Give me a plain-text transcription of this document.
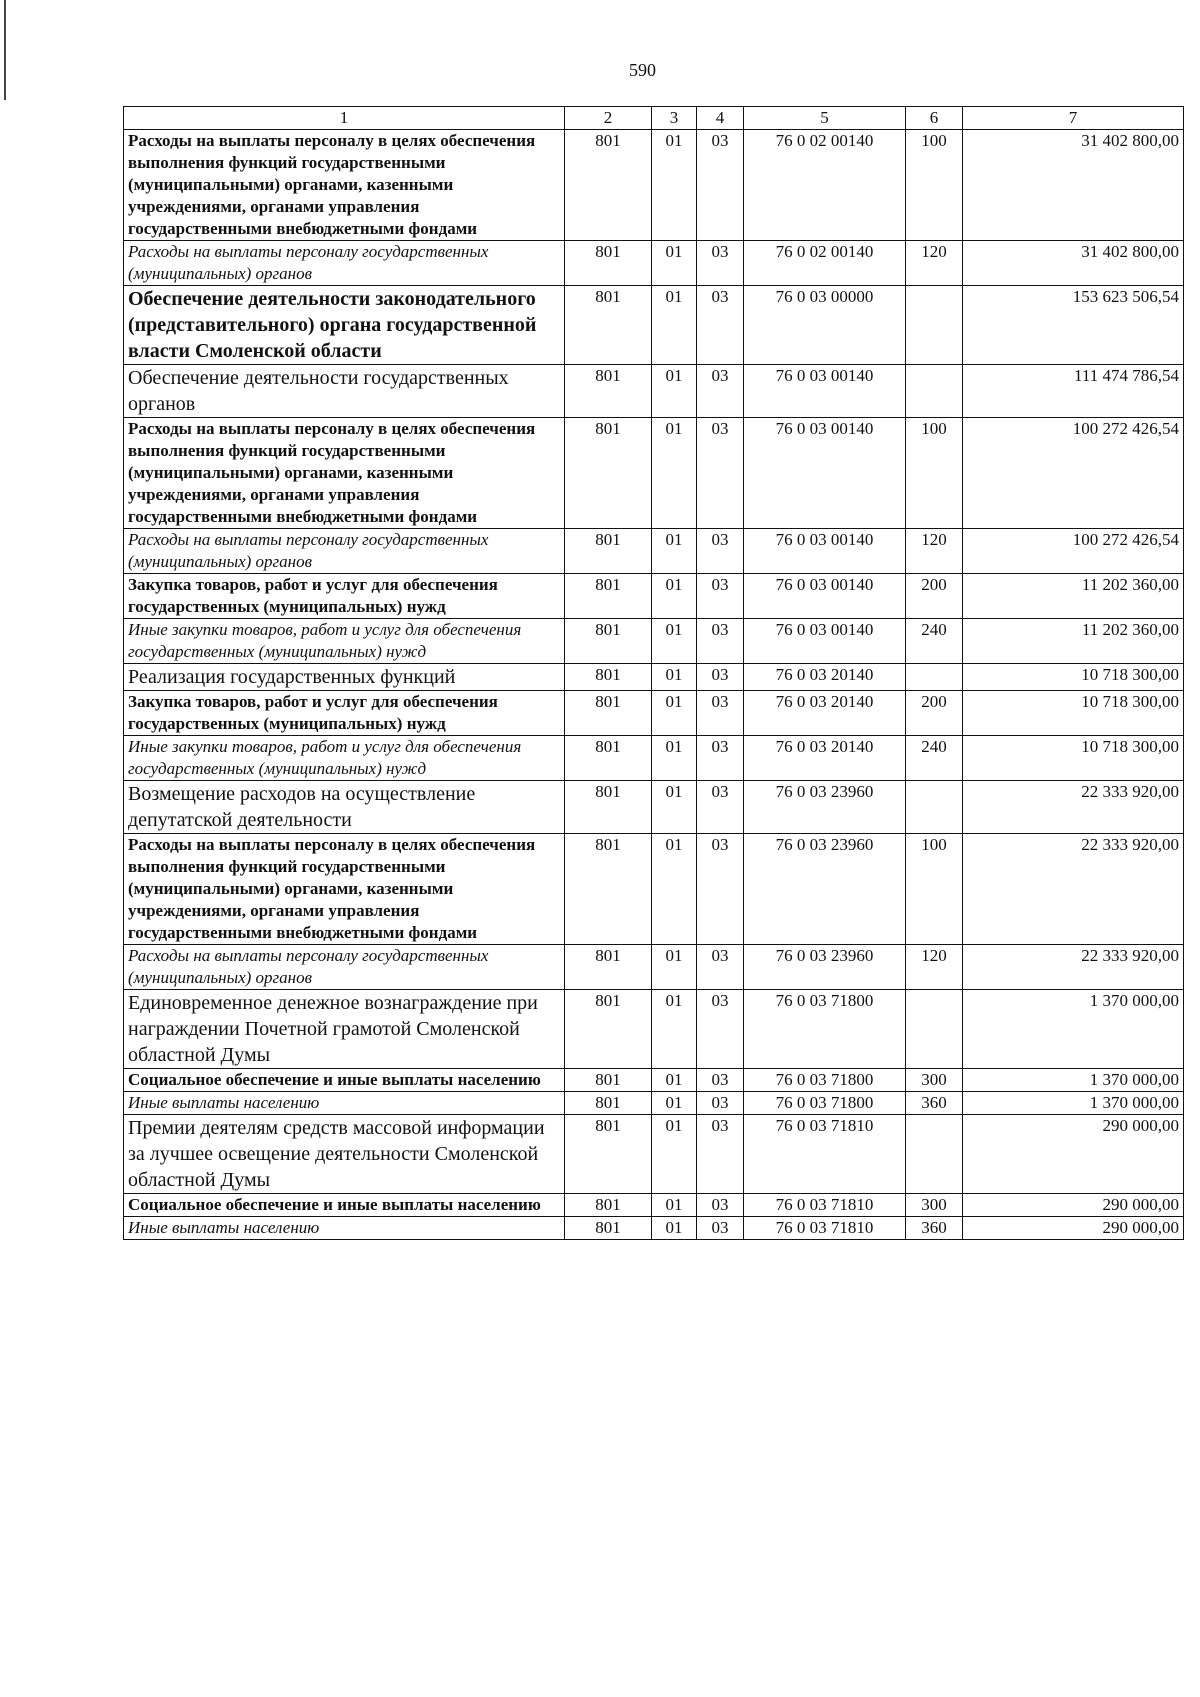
590
1	2	3	4	5	6	7
Расходы на выплаты персоналу в целях обеспечения выполнения функций государственными (муниципальными) органами, казенными учреждениями, органами управления государственными внебюджетными фондами	801	01	03	76 0 02 00140	100	31 402 800,00
Расходы на выплаты персоналу государственных (муниципальных) органов	801	01	03	76 0 02 00140	120	31 402 800,00
Обеспечение деятельности законодательного (представительного) органа государственной власти Смоленской области	801	01	03	76 0 03 00000		153 623 506,54
Обеспечение деятельности государственных органов	801	01	03	76 0 03 00140		111 474 786,54
Расходы на выплаты персоналу в целях обеспечения выполнения функций государственными (муниципальными) органами, казенными учреждениями, органами управления государственными внебюджетными фондами	801	01	03	76 0 03 00140	100	100 272 426,54
Расходы на выплаты персоналу государственных (муниципальных) органов	801	01	03	76 0 03 00140	120	100 272 426,54
Закупка товаров, работ и услуг для обеспечения государственных (муниципальных) нужд	801	01	03	76 0 03 00140	200	11 202 360,00
Иные закупки товаров, работ и услуг для обеспечения государственных (муниципальных) нужд	801	01	03	76 0 03 00140	240	11 202 360,00
Реализация государственных функций	801	01	03	76 0 03 20140		10 718 300,00
Закупка товаров, работ и услуг для обеспечения государственных (муниципальных) нужд	801	01	03	76 0 03 20140	200	10 718 300,00
Иные закупки товаров, работ и услуг для обеспечения государственных (муниципальных) нужд	801	01	03	76 0 03 20140	240	10 718 300,00
Возмещение расходов на осуществление депутатской деятельности	801	01	03	76 0 03 23960		22 333 920,00
Расходы на выплаты персоналу в целях обеспечения выполнения функций государственными (муниципальными) органами, казенными учреждениями, органами управления государственными внебюджетными фондами	801	01	03	76 0 03 23960	100	22 333 920,00
Расходы на выплаты персоналу государственных (муниципальных) органов	801	01	03	76 0 03 23960	120	22 333 920,00
Единовременное денежное вознаграждение при награждении Почетной грамотой Смоленской областной Думы	801	01	03	76 0 03 71800		1 370 000,00
Социальное обеспечение и иные выплаты населению	801	01	03	76 0 03 71800	300	1 370 000,00
Иные выплаты населению	801	01	03	76 0 03 71800	360	1 370 000,00
Премии деятелям средств массовой информации за лучшее освещение деятельности Смоленской областной Думы	801	01	03	76 0 03 71810		290 000,00
Социальное обеспечение и иные выплаты населению	801	01	03	76 0 03 71810	300	290 000,00
Иные выплаты населению	801	01	03	76 0 03 71810	360	290 000,00
